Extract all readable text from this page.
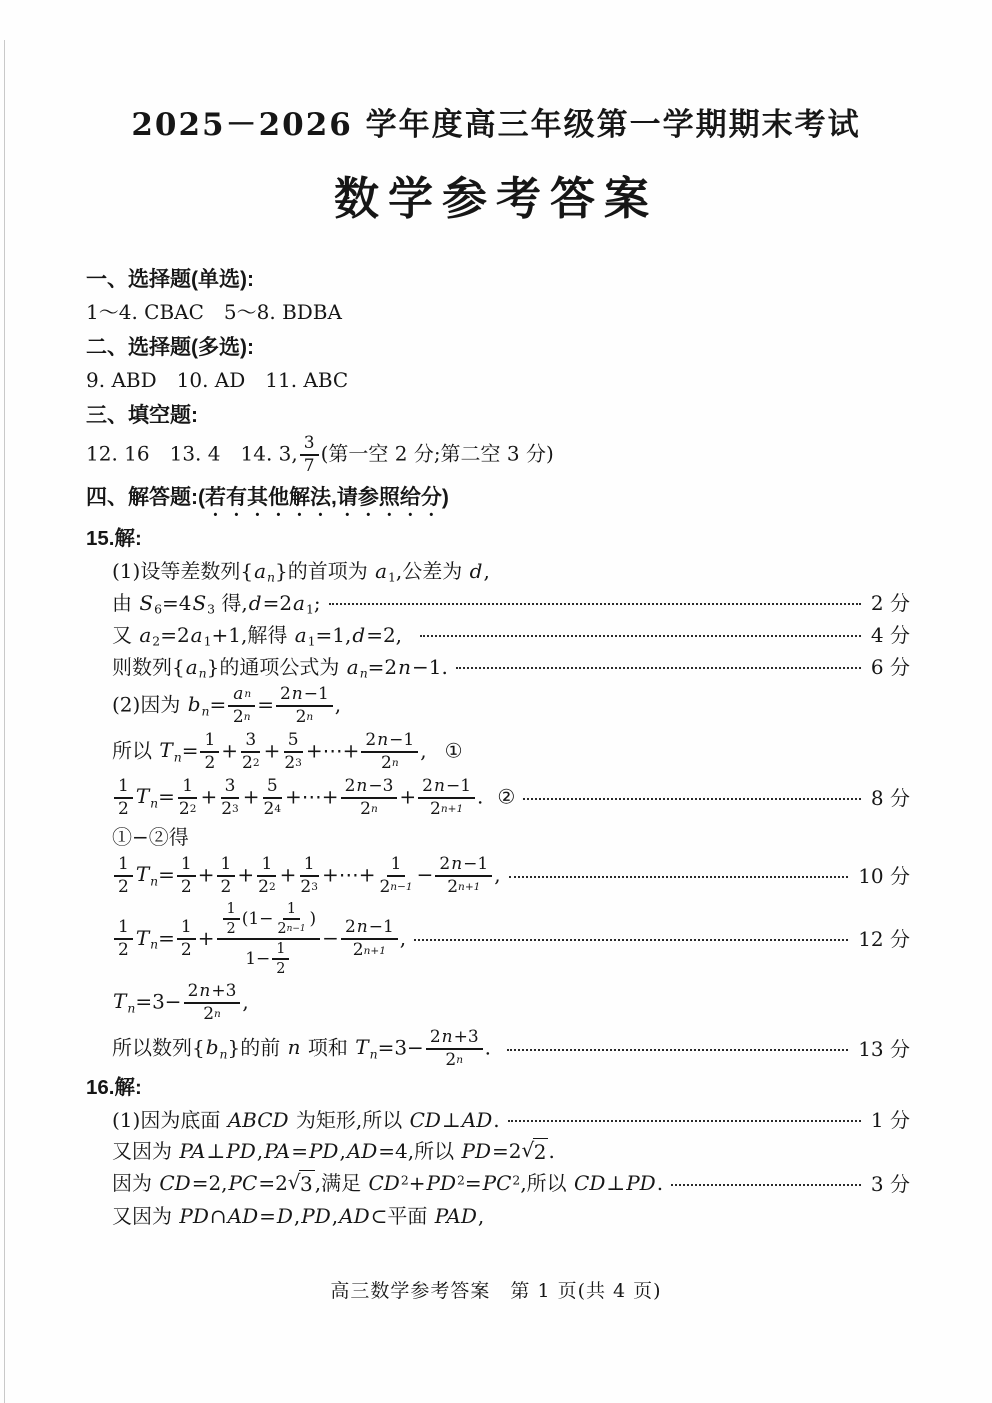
2025－2026 学年度高三年级第一学期期末考试
数学参考答案
一、选择题(单选):
1～4. CBAC　5～8. BDBA
二、选择题(多选):
9. ABD　10. AD　11. ABC
三、填空题:
12. 16　13. 4　14. 3, $\frac{3}{7}$ (第一空 2 分;第二空 3 分)
四、解答题:(若有其他解法,请参照给分)
15.解:
(1)设等差数列$\{a_n\}$的首项为 $a_1$,公差为 d,
由 $S_6=4S_3$ 得$,d=2a_1$;	2 分
又 $a_2=2a_1+1$,解得 $a_1=1,d=2$,	4 分
则数列$\{a_n\}$的通项公式为 $a_n=2n-1$.	6 分
(2)因为 $b_n= \frac{\text{a n}}{2 n} = \frac{2 n -1}{2 n}$ ,
所以 $T_n= \frac{1}{2} + \frac{3}{2 2} + \frac{5}{2 3}$ +⋯+ $\frac{2 n -1}{2 n}$ , ①
$\frac{1}{2} T_n= \frac{1}{2 2} + \frac{3}{2 3} + \frac{5}{2 4}$ +⋯+ $\frac{2 n -3}{2 n} + \frac{2 n -1}{2 n+1}$ . ②	8 分
①−②得
$\frac{1}{2} T_n= \frac{1}{2} + \frac{1}{2} + \frac{1}{2 2} + \frac{1}{2 3}$ +⋯+ $\frac{1}{2 n-1} - \frac{2 n -1}{2 n+1}$ ,	10 分
$\frac{1}{2} T_n= \frac{1}{2} + \frac{\frac{1}{2} (1- \frac{1}{2 n-1} )}{1- \frac{1}{2}} - \frac{2 n -1}{2 n+1}$ ,	12 分
$T_n=3- \frac{2 n +3}{2 n}$ ,
所以数列$\{b_n\}$的前 n 项和 $T_n=3- \frac{2 n +3}{2 n}$ .	13 分
16.解:
(1)因为底面 ABCD 为矩形,所以 CD⊥AD.	1 分
又因为 PA⊥PD,PA=PD,AD=4,所以 PD=2 √ 2 .
因为 CD=2,PC=2 √ 3 ,满足 $CD^2+PD^2=PC^2$,所以 CD⊥PD.	3 分
又因为 PD∩AD=D,PD,AD⊂平面 PAD,
高三数学参考答案　第 1 页(共 4 页)
